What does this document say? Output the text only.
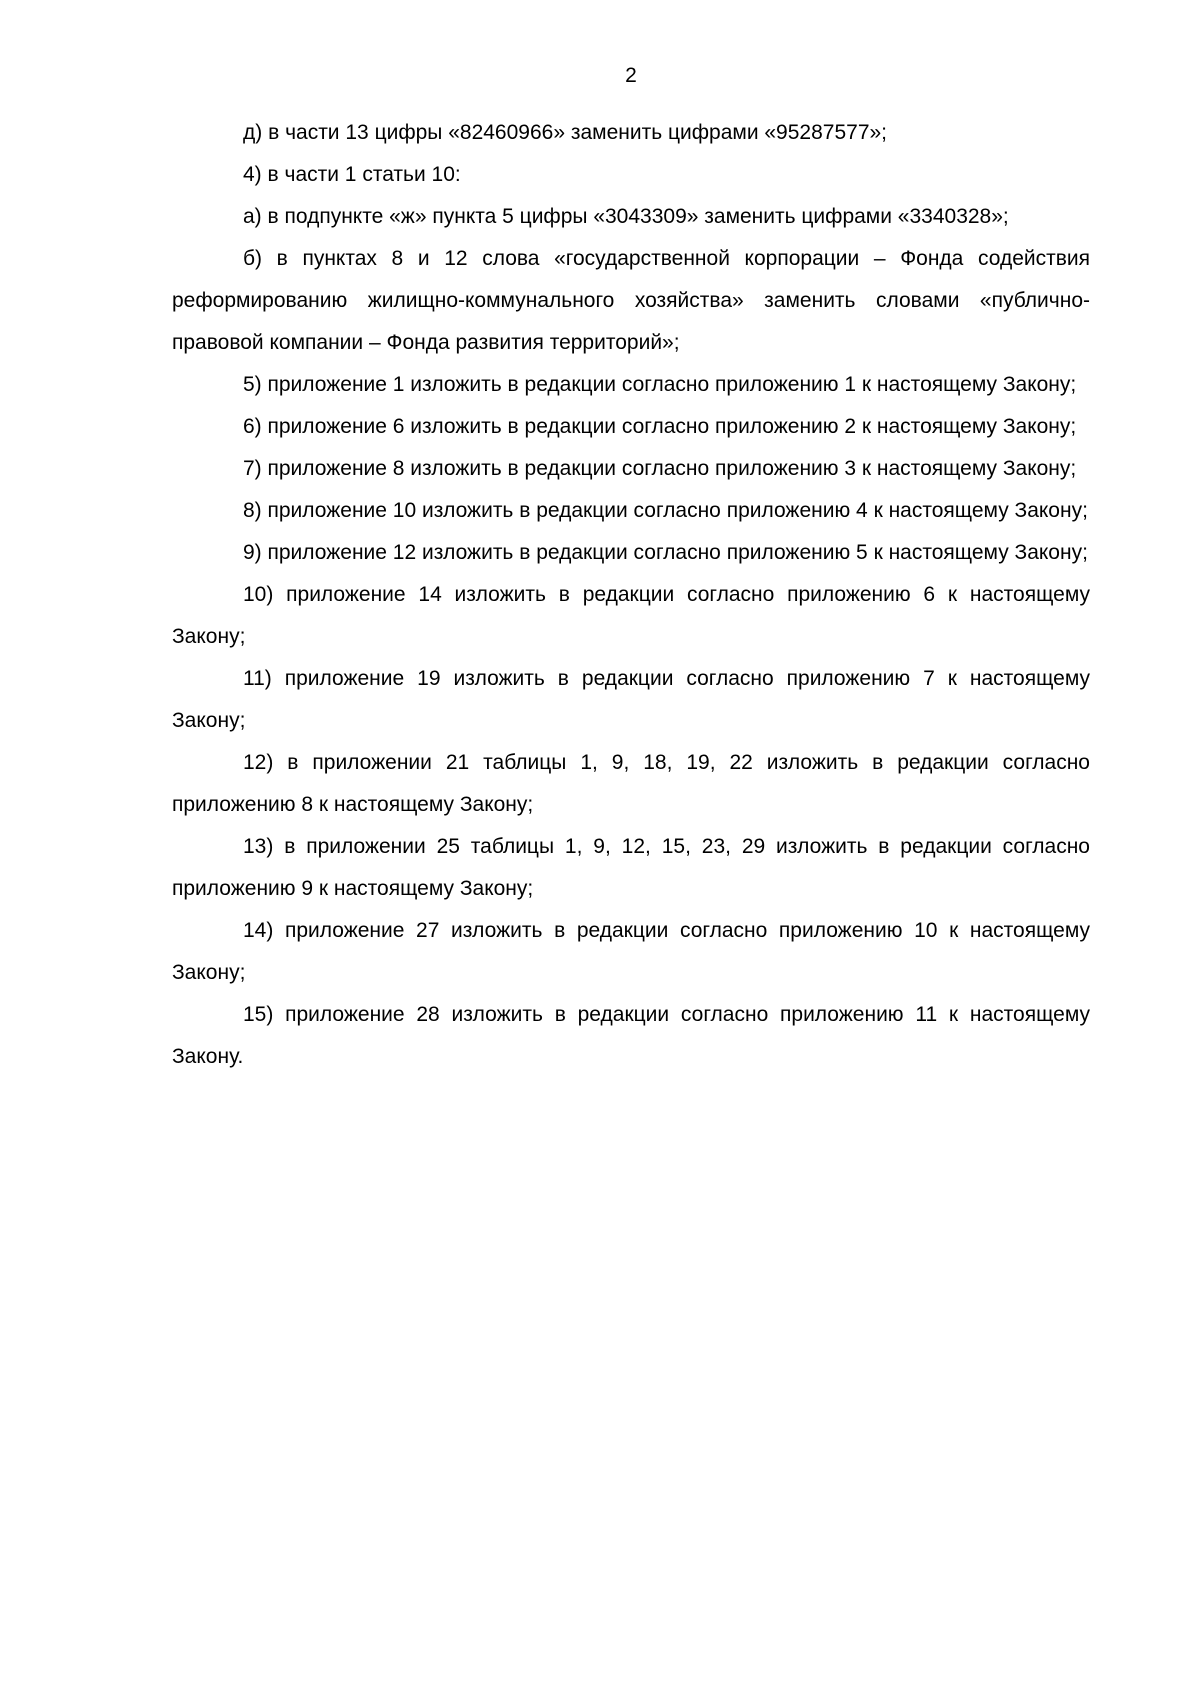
2

д) в части 13 цифры «82460966» заменить цифрами «95287577»;

4) в части 1 статьи 10:

а) в подпункте «ж» пункта 5 цифры «3043309» заменить цифрами «3340328»;

б) в пунктах 8 и 12 слова «государственной корпорации – Фонда содействия реформированию жилищно-коммунального хозяйства» заменить словами «публично-правовой компании – Фонда развития территорий»;

5) приложение 1 изложить в редакции согласно приложению 1 к настоящему Закону;

6) приложение 6 изложить в редакции согласно приложению 2 к настоящему Закону;

7) приложение 8 изложить в редакции согласно приложению 3 к настоящему Закону;

8) приложение 10 изложить в редакции согласно приложению 4 к настоящему Закону;

9) приложение 12 изложить в редакции согласно приложению 5 к настоящему Закону;

10) приложение 14 изложить в редакции согласно приложению 6 к настоящему Закону;

11) приложение 19 изложить в редакции согласно приложению 7 к настоящему Закону;

12) в приложении 21 таблицы 1, 9, 18, 19, 22 изложить в редакции согласно приложению 8 к настоящему Закону;

13) в приложении 25 таблицы 1, 9, 12, 15, 23, 29 изложить в редакции согласно приложению 9 к настоящему Закону;

14) приложение 27 изложить в редакции согласно приложению 10 к настоящему Закону;

15) приложение 28 изложить в редакции согласно приложению 11 к настоящему Закону.
